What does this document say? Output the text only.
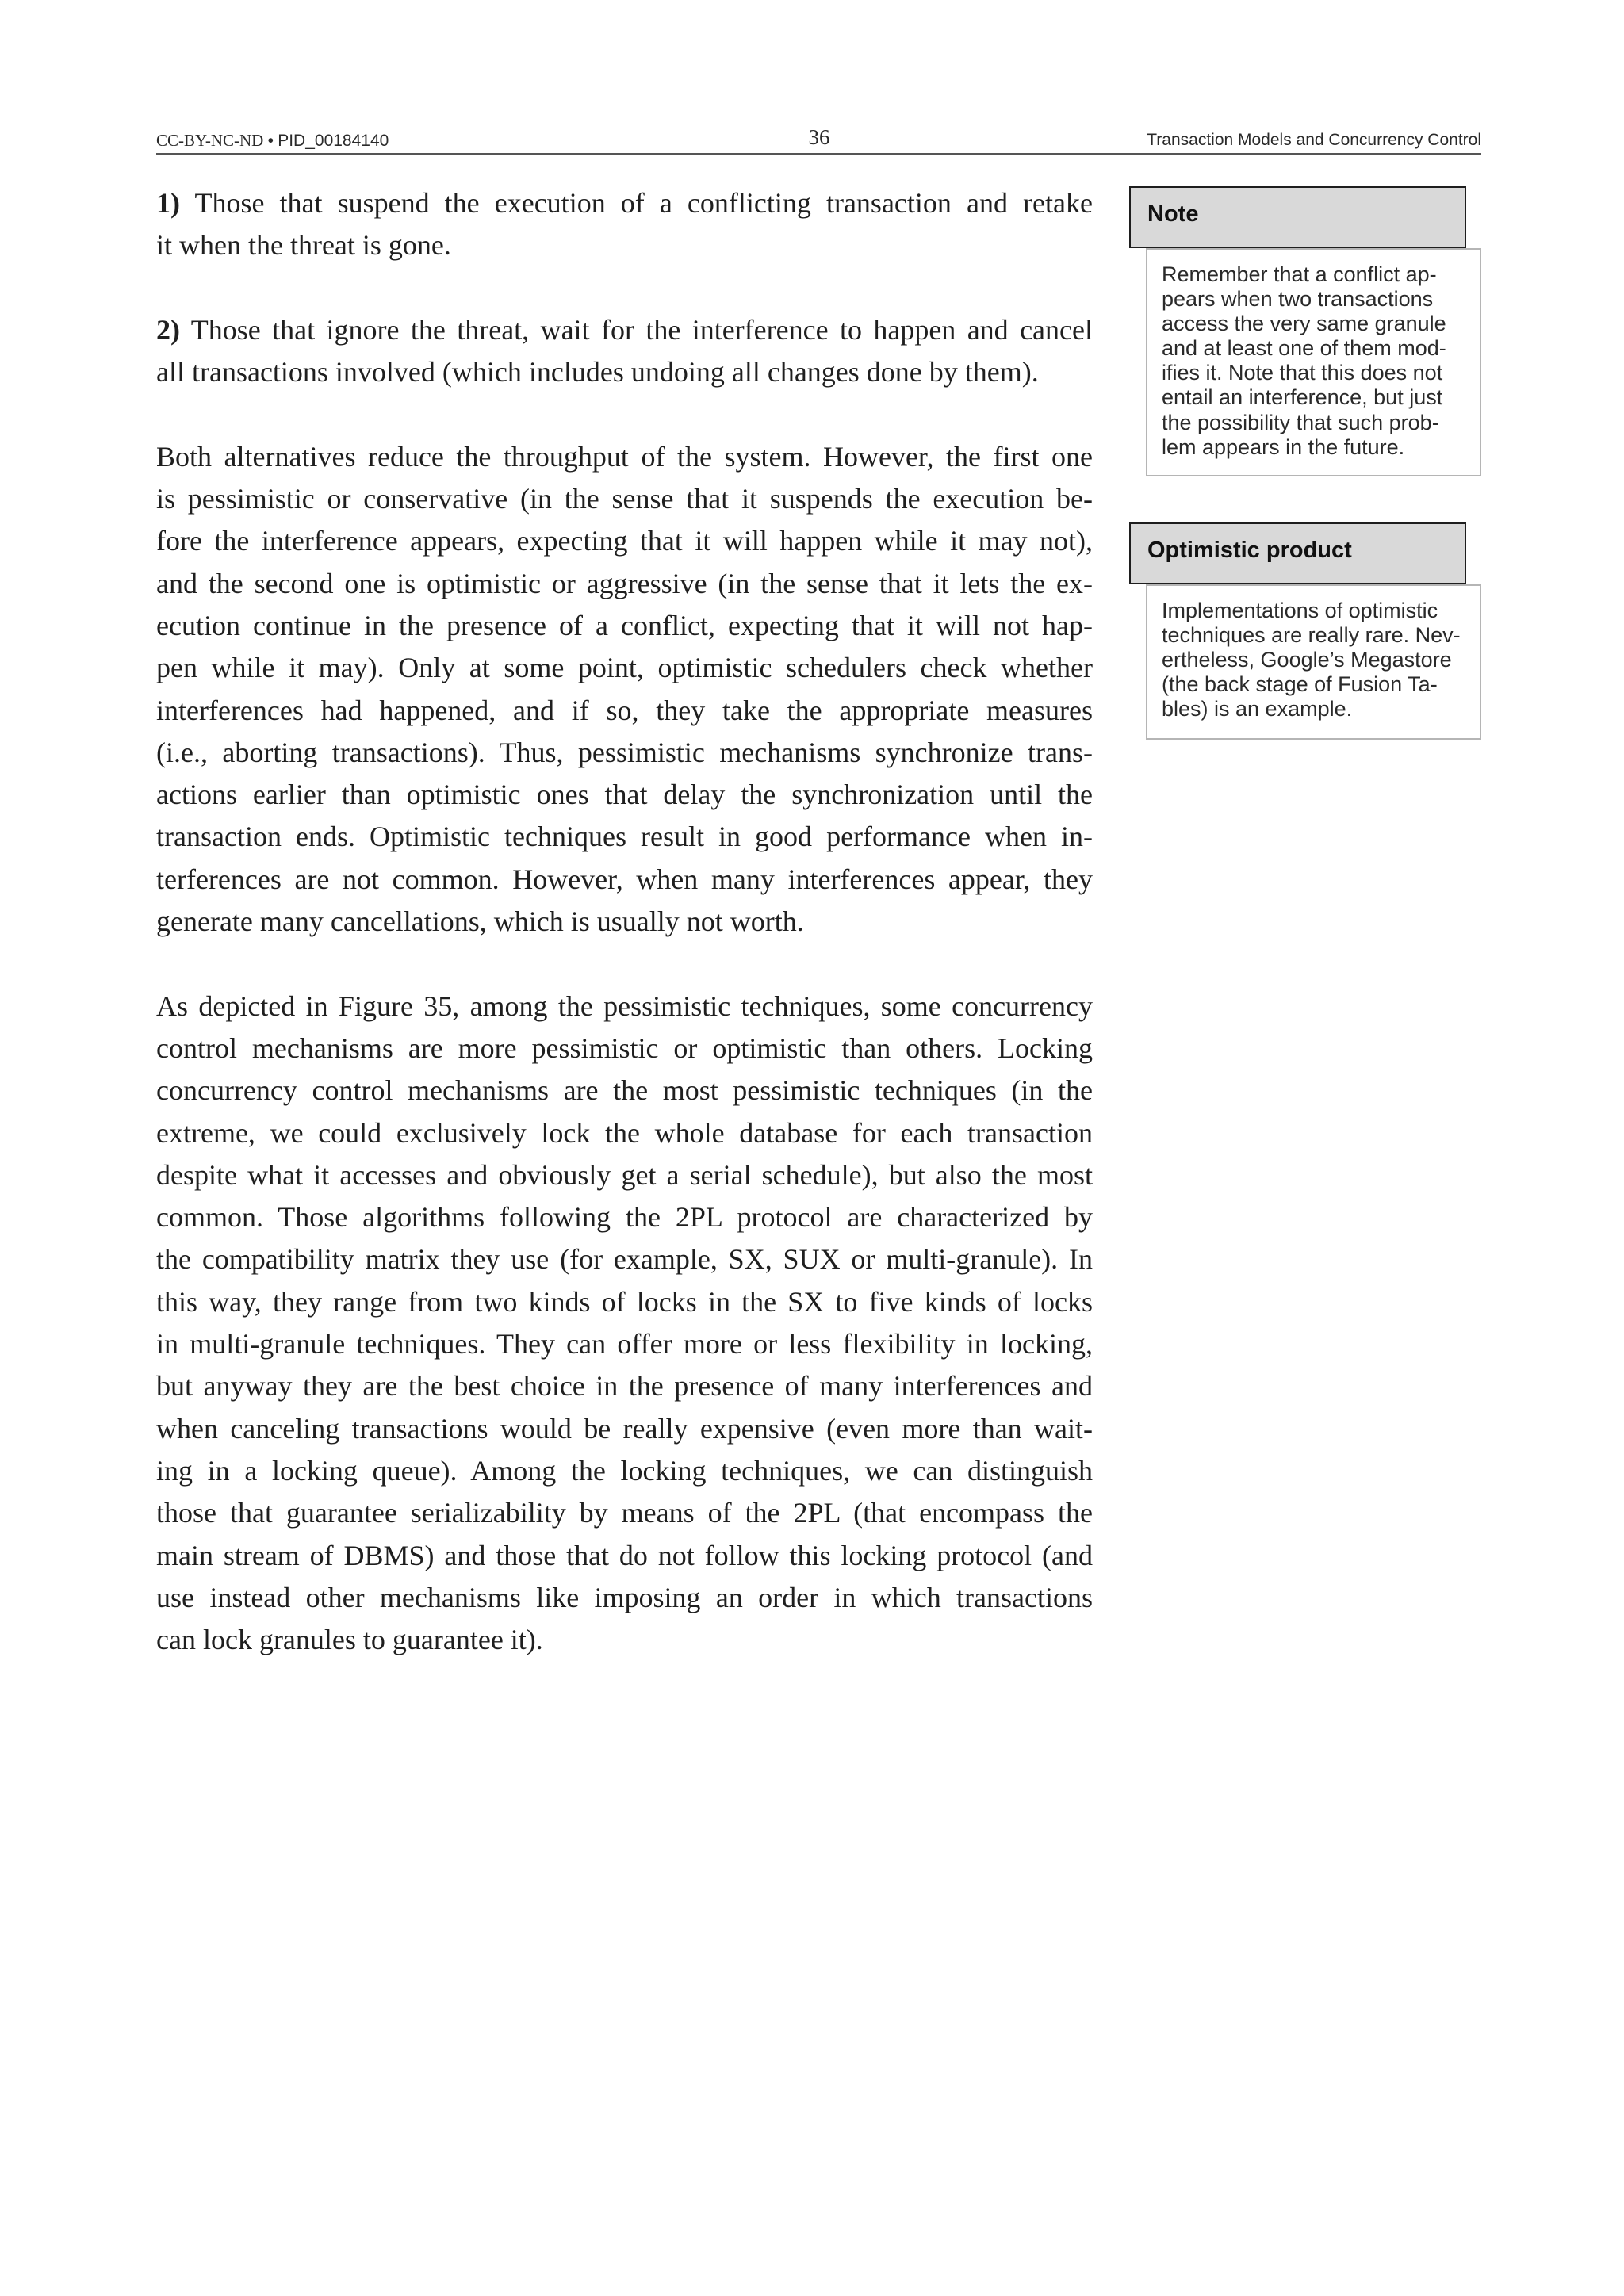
CC-BY-NC-ND • PID_00184140	36	Transaction Models and Concurrency Control
1) Those that suspend the execution of a conflicting transaction and retake
it when the threat is gone.
2) Those that ignore the threat, wait for the interference to happen and cancel
all transactions involved (which includes undoing all changes done by them).
Both alternatives reduce the throughput of the system. However, the first one
is pessimistic or conservative (in the sense that it suspends the execution be-
fore the interference appears, expecting that it will happen while it may not),
and the second one is optimistic or aggressive (in the sense that it lets the ex-
ecution continue in the presence of a conflict, expecting that it will not hap-
pen while it may). Only at some point, optimistic schedulers check whether
interferences had happened, and if so, they take the appropriate measures
(i.e., aborting transactions). Thus, pessimistic mechanisms synchronize trans-
actions earlier than optimistic ones that delay the synchronization until the
transaction ends. Optimistic techniques result in good performance when in-
terferences are not common. However, when many interferences appear, they
generate many cancellations, which is usually not worth.
As depicted in Figure 35, among the pessimistic techniques, some concurrency
control mechanisms are more pessimistic or optimistic than others. Locking
concurrency control mechanisms are the most pessimistic techniques (in the
extreme, we could exclusively lock the whole database for each transaction
despite what it accesses and obviously get a serial schedule), but also the most
common. Those algorithms following the 2PL protocol are characterized by
the compatibility matrix they use (for example, SX, SUX or multi-granule). In
this way, they range from two kinds of locks in the SX to five kinds of locks
in multi-granule techniques. They can offer more or less flexibility in locking,
but anyway they are the best choice in the presence of many interferences and
when canceling transactions would be really expensive (even more than wait-
ing in a locking queue). Among the locking techniques, we can distinguish
those that guarantee serializability by means of the 2PL (that encompass the
main stream of DBMS) and those that do not follow this locking protocol (and
use instead other mechanisms like imposing an order in which transactions
can lock granules to guarantee it).
Note
Remember that a conflict ap-
pears when two transactions
access the very same granule
and at least one of them mod-
ifies it. Note that this does not
entail an interference, but just
the possibility that such prob-
lem appears in the future.
Optimistic product
Implementations of optimistic
techniques are really rare. Nev-
ertheless, Google’s Megastore
(the back stage of Fusion Ta-
bles) is an example.
